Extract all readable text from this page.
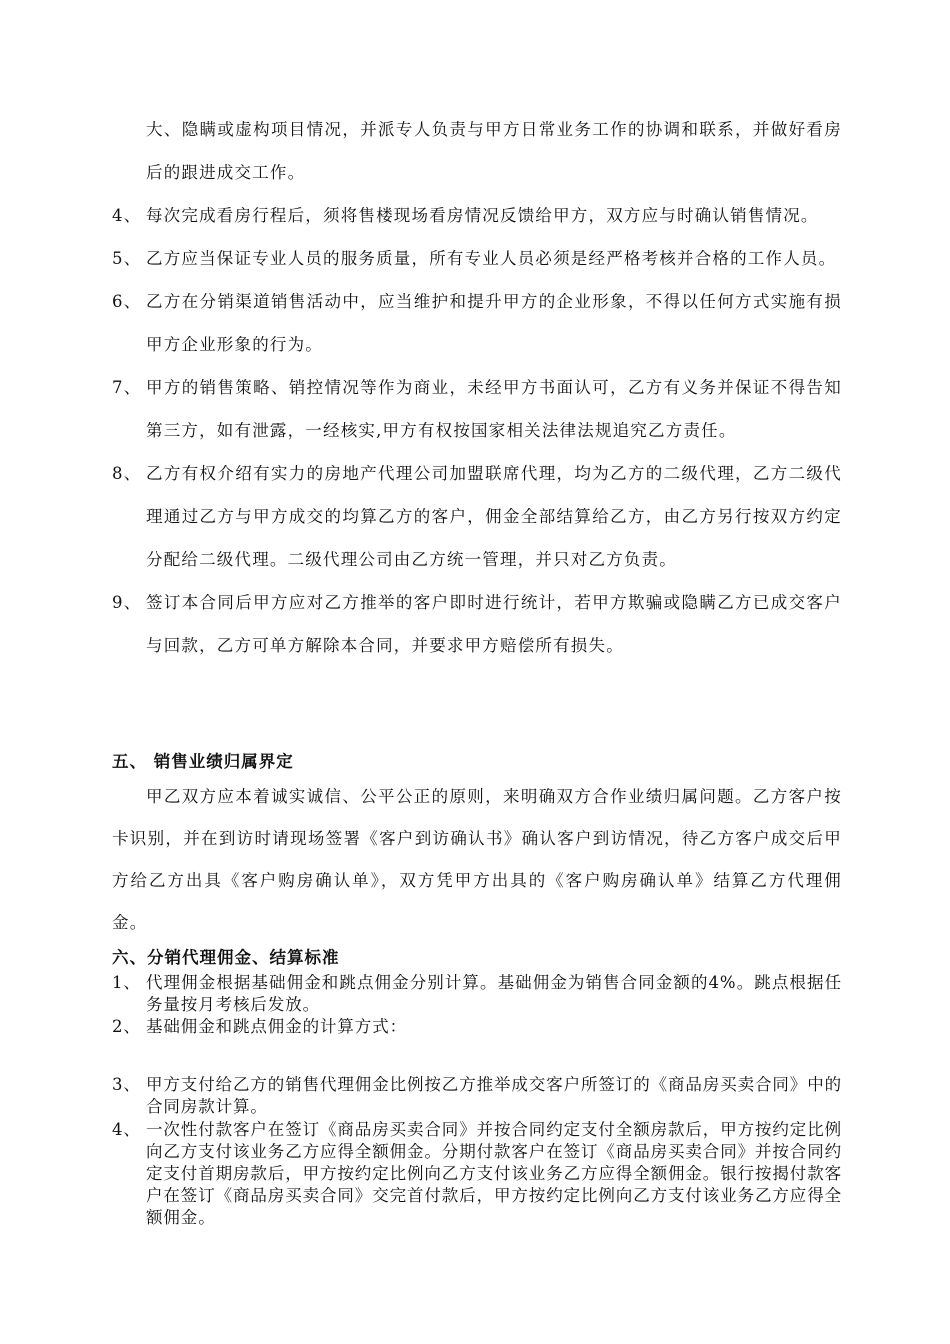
大、隐瞒或虚构项目情况，并派专人负责与甲方日常业务工作的协调和联系，并做好看房后的跟进成交工作。
4、 每次完成看房行程后，须将售楼现场看房情况反馈给甲方，双方应与时确认销售情况。
5、 乙方应当保证专业人员的服务质量，所有专业人员必须是经严格考核并合格的工作人员。
6、 乙方在分销渠道销售活动中，应当维护和提升甲方的企业形象，不得以任何方式实施有损甲方企业形象的行为。
7、 甲方的销售策略、销控情况等作为商业，未经甲方书面认可，乙方有义务并保证不得告知第三方，如有泄露，一经核实,甲方有权按国家相关法律法规追究乙方责任。
8、 乙方有权介绍有实力的房地产代理公司加盟联席代理，均为乙方的二级代理，乙方二级代理通过乙方与甲方成交的均算乙方的客户，佣金全部结算给乙方，由乙方另行按双方约定分配给二级代理。二级代理公司由乙方统一管理，并只对乙方负责。
9、 签订本合同后甲方应对乙方推举的客户即时进行统计，若甲方欺骗或隐瞒乙方已成交客户与回款，乙方可单方解除本合同，并要求甲方赔偿所有损失。
五、 销售业绩归属界定
甲乙双方应本着诚实诚信、公平公正的原则，来明确双方合作业绩归属问题。乙方客户按卡识别，并在到访时请现场签署《客户到访确认书》确认客户到访情况，待乙方客户成交后甲方给乙方出具《客户购房确认单》，双方凭甲方出具的《客户购房确认单》结算乙方代理佣金。
六、分销代理佣金、结算标准
1、 代理佣金根据基础佣金和跳点佣金分别计算。基础佣金为销售合同金额的4%。跳点根据任务量按月考核后发放。
2、 基础佣金和跳点佣金的计算方式：
3、 甲方支付给乙方的销售代理佣金比例按乙方推举成交客户所签订的《商品房买卖合同》中的合同房款计算。
4、 一次性付款客户在签订《商品房买卖合同》并按合同约定支付全额房款后，甲方按约定比例向乙方支付该业务乙方应得全额佣金。分期付款客户在签订《商品房买卖合同》并按合同约定支付首期房款后，甲方按约定比例向乙方支付该业务乙方应得全额佣金。银行按揭付款客户在签订《商品房买卖合同》交完首付款后，甲方按约定比例向乙方支付该业务乙方应得全额佣金。
